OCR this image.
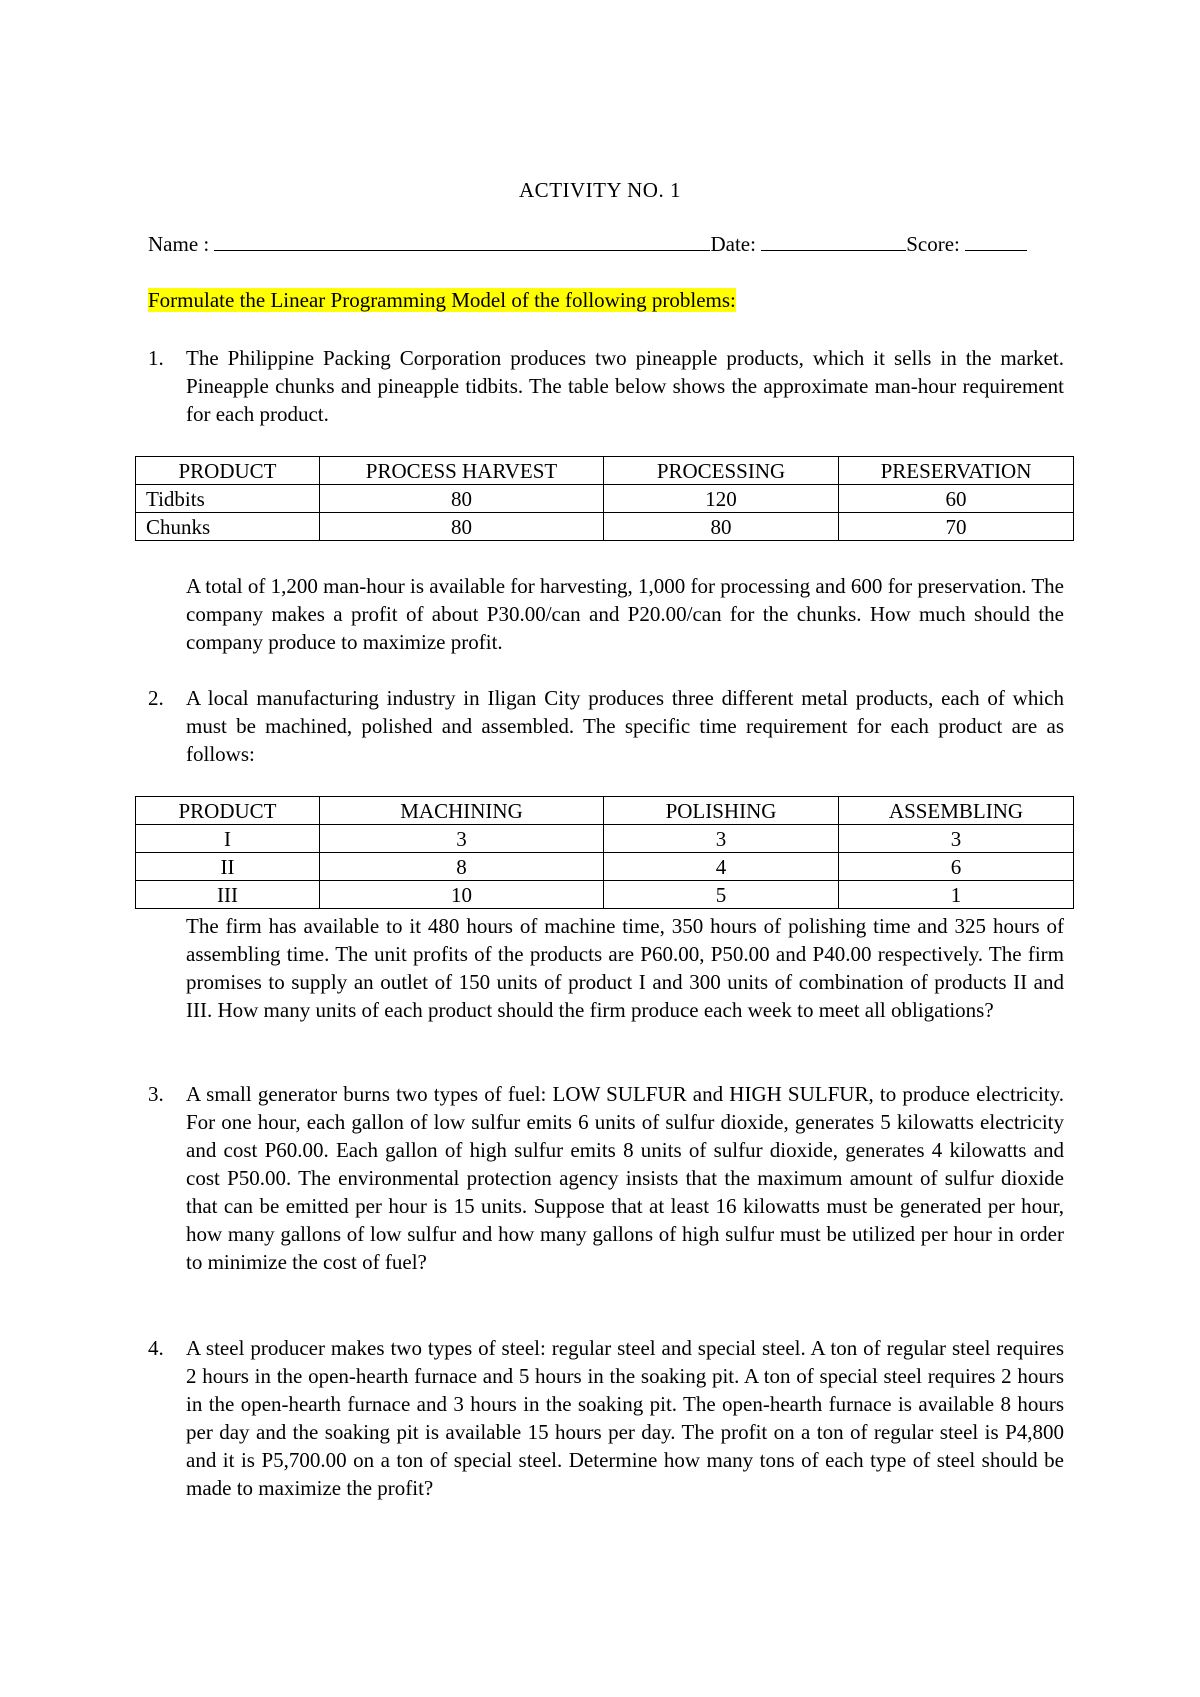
ACTIVITY NO. 1
Name :	Date:	Score:
Formulate the Linear Programming Model of the following problems:
1.	The Philippine Packing Corporation produces two pineapple products, which it sells in the market. Pineapple chunks and pineapple tidbits. The table below shows the approximate man-hour requirement for each product.
PRODUCT	PROCESS HARVEST	PROCESSING	PRESERVATION
Tidbits	80	120	60
Chunks	80	80	70
A total of 1,200 man-hour is available for harvesting, 1,000 for processing and 600 for preservation. The company makes a profit of about P30.00/can and P20.00/can for the chunks. How much should the company produce to maximize profit.
2.	A local manufacturing industry in Iligan City produces three different metal products, each of which must be machined, polished and assembled. The specific time requirement for each product are as follows:
PRODUCT	MACHINING	POLISHING	ASSEMBLING
I	3	3	3
II	8	4	6
III	10	5	1
The firm has available to it 480 hours of machine time, 350 hours of polishing time and 325 hours of assembling time. The unit profits of the products are P60.00, P50.00 and P40.00 respectively. The firm promises to supply an outlet of 150 units of product I and 300 units of combination of products II and III. How many units of each product should the firm produce each week to meet all obligations?
3.	A small generator burns two types of fuel: LOW SULFUR and HIGH SULFUR, to produce electricity. For one hour, each gallon of low sulfur emits 6 units of sulfur dioxide, generates 5 kilowatts electricity and cost P60.00. Each gallon of high sulfur emits 8 units of sulfur dioxide, generates 4 kilowatts and cost P50.00. The environmental protection agency insists that the maximum amount of sulfur dioxide that can be emitted per hour is 15 units. Suppose that at least 16 kilowatts must be generated per hour, how many gallons of low sulfur and how many gallons of high sulfur must be utilized per hour in order to minimize the cost of fuel?
4.	A steel producer makes two types of steel: regular steel and special steel. A ton of regular steel requires 2 hours in the open-hearth furnace and 5 hours in the soaking pit. A ton of special steel requires 2 hours in the open-hearth furnace and 3 hours in the soaking pit. The open-hearth furnace is available 8 hours per day and the soaking pit is available 15 hours per day. The profit on a ton of regular steel is P4,800 and it is P5,700.00 on a ton of special steel. Determine how many tons of each type of steel should be made to maximize the profit?
